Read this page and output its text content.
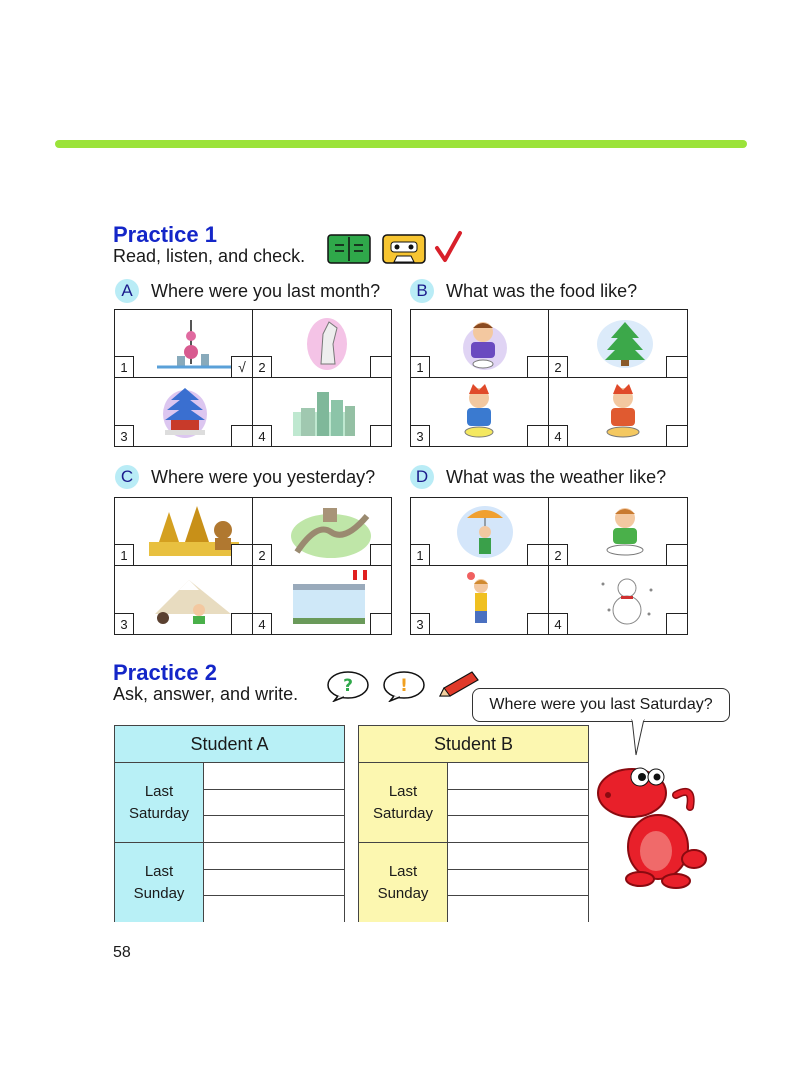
Practice 1
Read, listen, and check.
A	Where were you last month?
1	√ 2
3	4
B	What was the food like?
1	2
3	4
C Where were you yesterday?
1	2
3	4
D What was the weather like?
1	2
3	4
Practice 2
Ask, answer, and write.	?	!
Student A
Last
Saturday
Last
Sunday
Student B
Last
Saturday
Last
Sunday
Where were you last Saturday?
58
